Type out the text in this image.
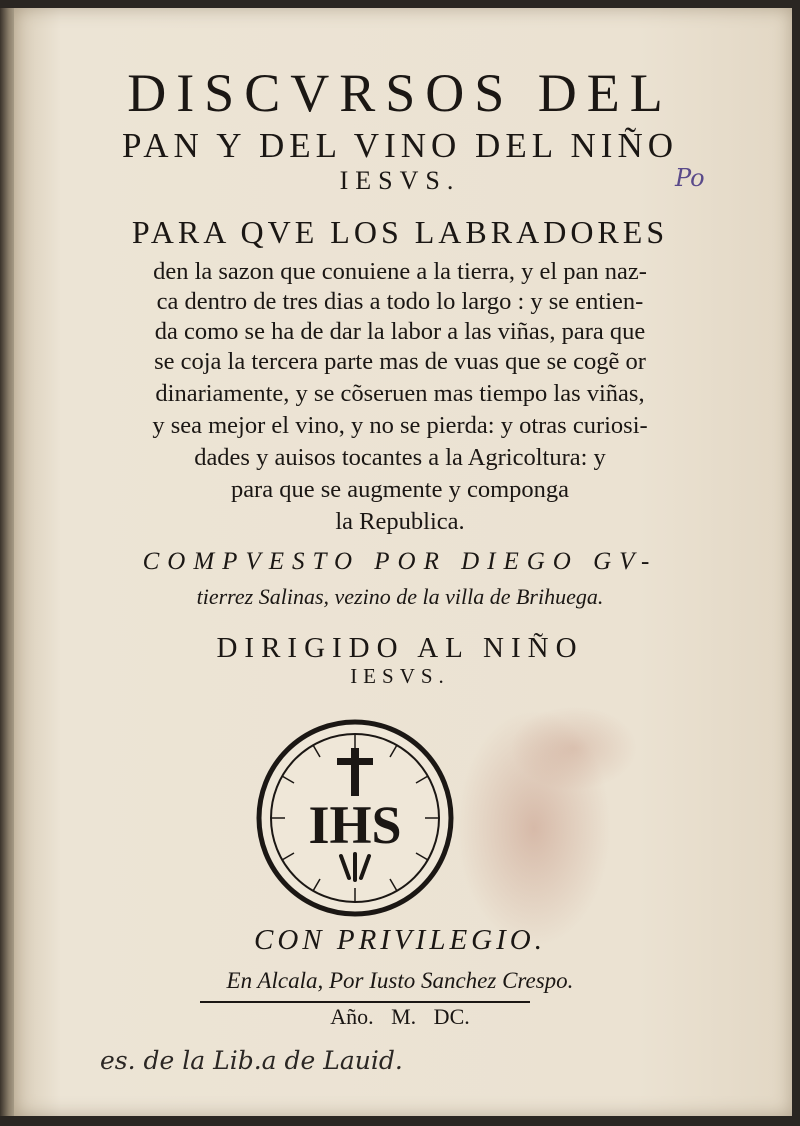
DISCVRSOS DEL
PAN Y DEL VINO DEL NIÑO
IESVS.	Po
PARA QVE LOS LABRADORES
den la sazon que conuiene a la tierra, y el pan naz-
ca dentro de tres dias a todo lo largo : y se entien-
da como se ha de dar la labor a las viñas, para que
se coja la tercera parte mas de vuas que se cogẽ or
dinariamente, y se cõseruen mas tiempo las viñas,
y sea mejor el vino, y no se pierda: y otras curiosi-
dades y auisos tocantes a la Agricoltura: y
para que se augmente y componga
la Republica.
COMPVESTO POR DIEGO GV-
tierrez Salinas, vezino de la villa de Brihuega.
DIRIGIDO AL NIÑO
IESVS.
IHS
CON PRIVILEGIO.
En Alcala, Por Iusto Sanchez Crespo.
Año. M. DC.
es. de la Lib.a de Lauid.
